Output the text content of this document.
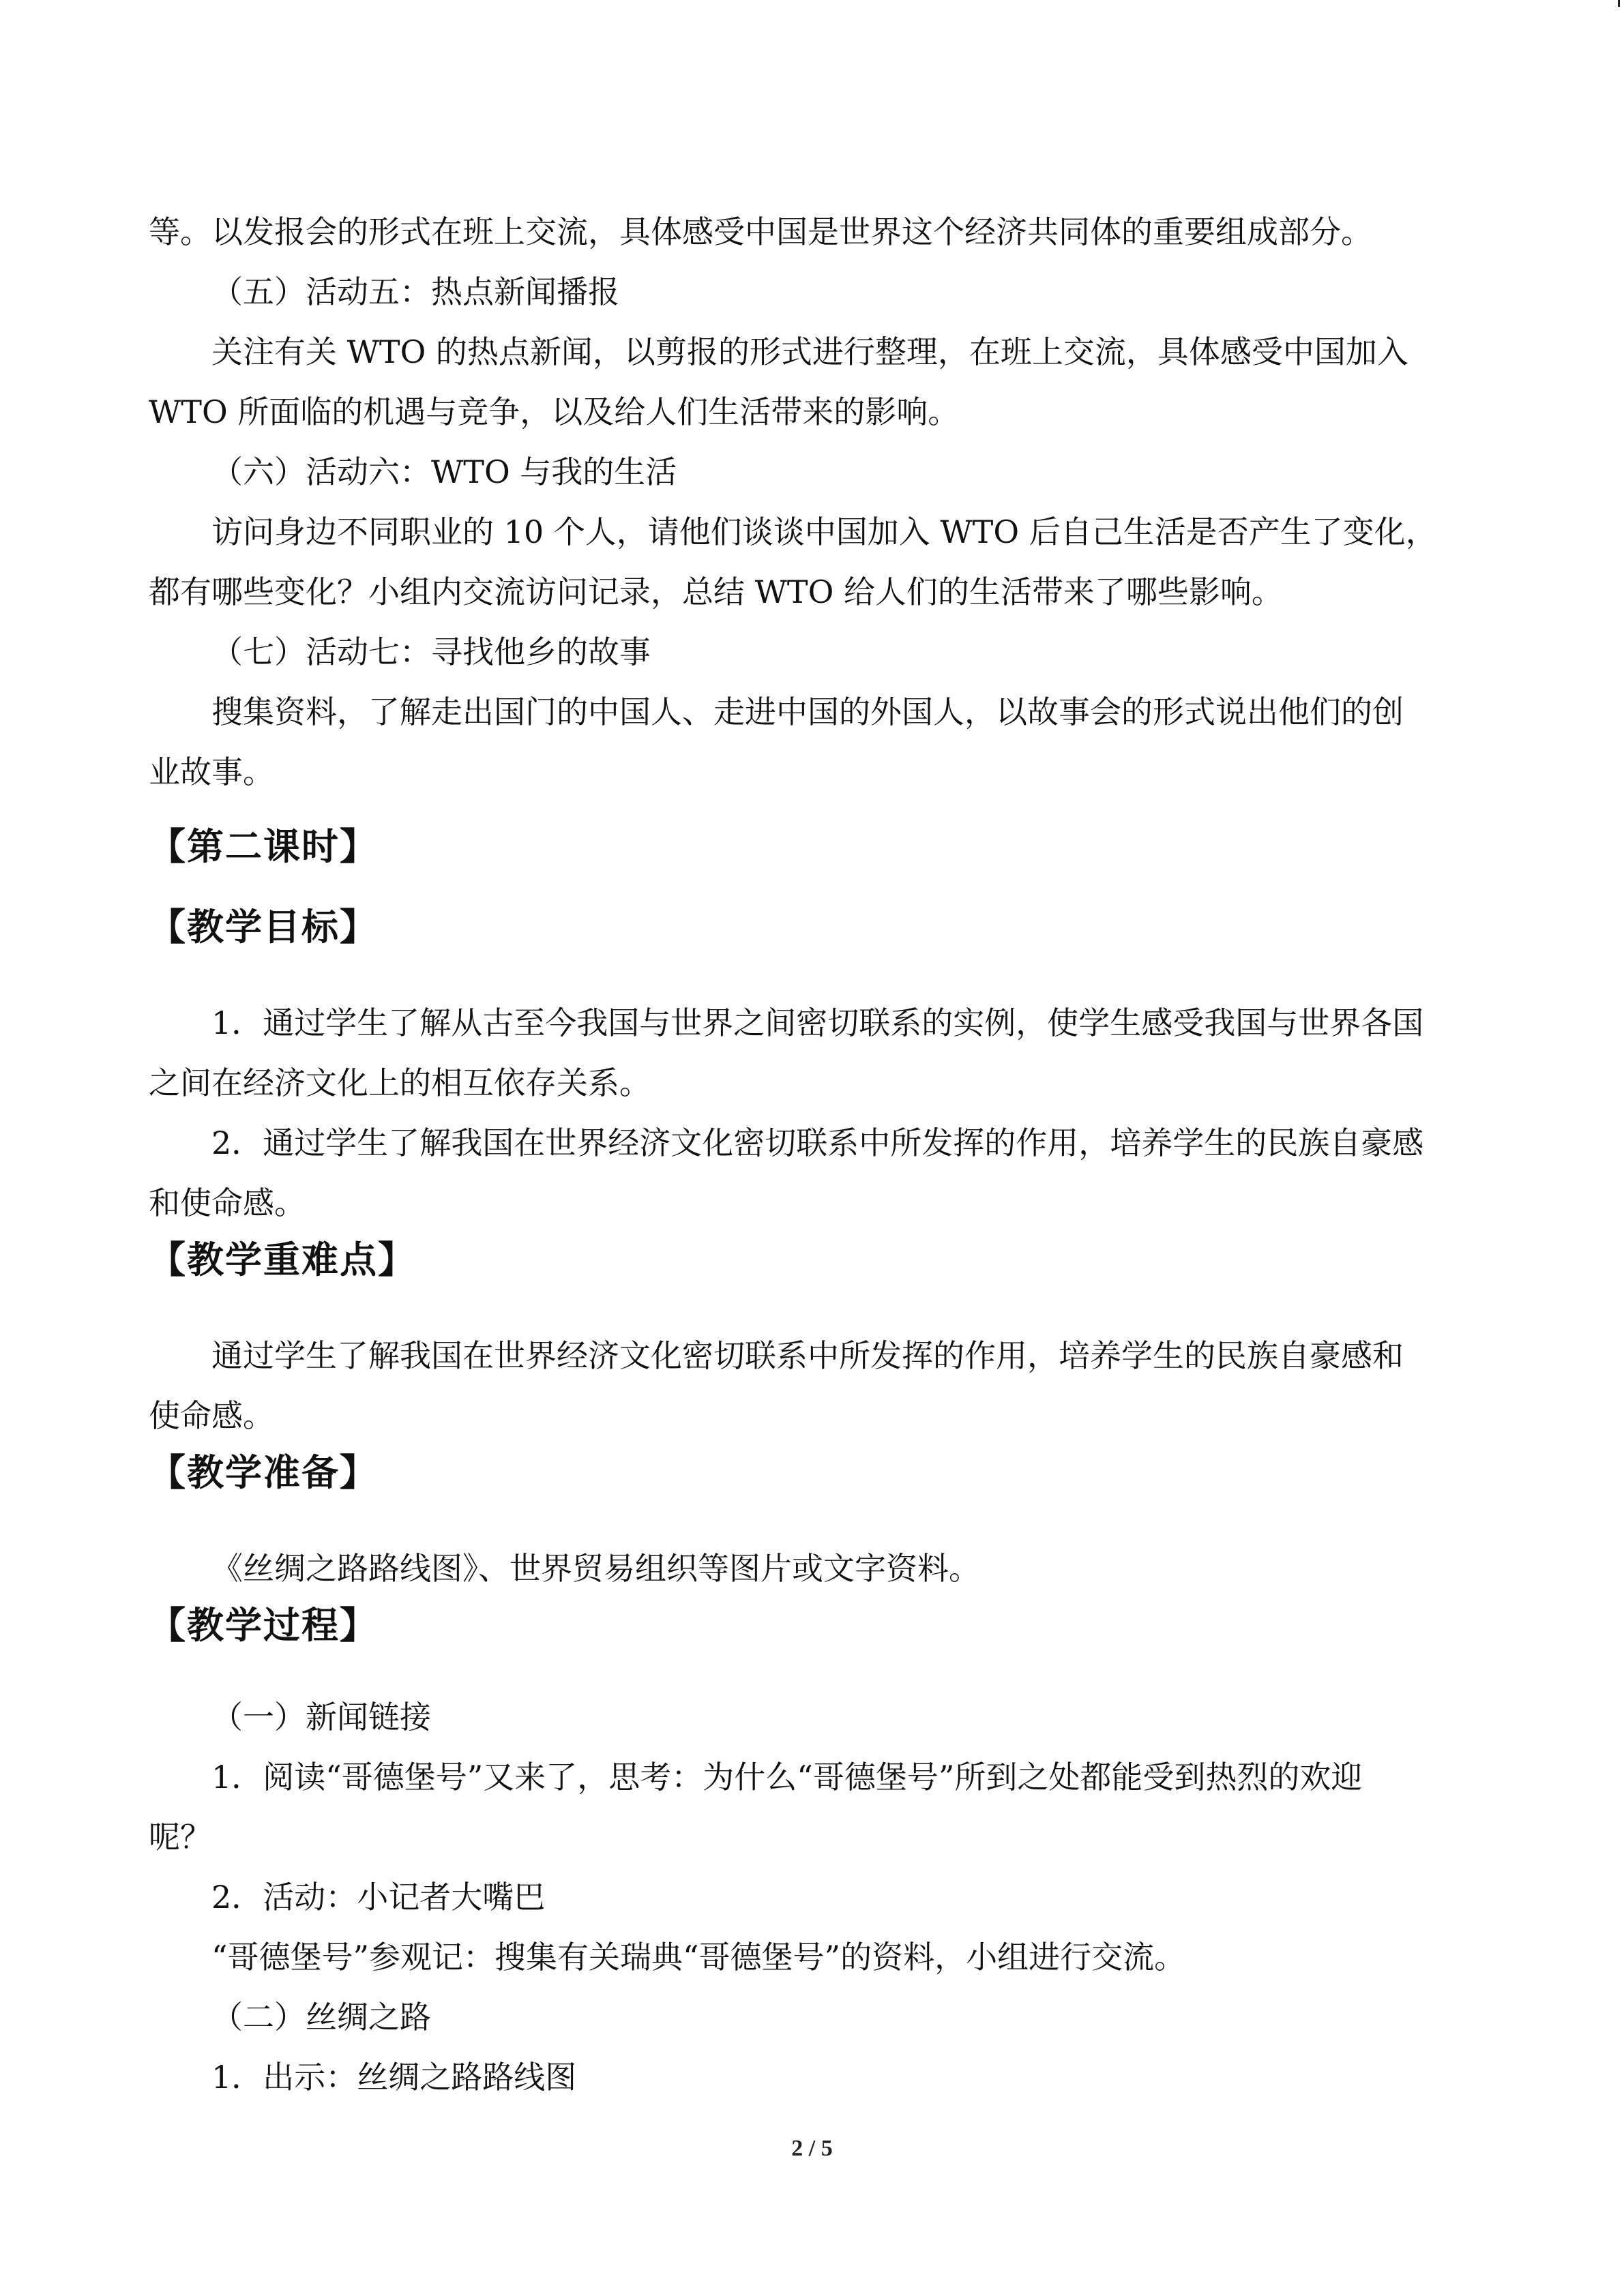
等。以发报会的形式在班上交流，具体感受中国是世界这个经济共同体的重要组成部分。

（五）活动五：热点新闻播报

关注有关 WTO 的热点新闻，以剪报的形式进行整理，在班上交流，具体感受中国加入

WTO 所面临的机遇与竞争，以及给人们生活带来的影响。

（六）活动六：WTO 与我的生活

访问身边不同职业的 10 个人，请他们谈谈中国加入 WTO 后自己生活是否产生了变化，

都有哪些变化？小组内交流访问记录，总结 WTO 给人们的生活带来了哪些影响。

（七）活动七：寻找他乡的故事

搜集资料，了解走出国门的中国人、走进中国的外国人，以故事会的形式说出他们的创

业故事。

【第二课时】
【教学目标】

1．通过学生了解从古至今我国与世界之间密切联系的实例，使学生感受我国与世界各国

之间在经济文化上的相互依存关系。

2．通过学生了解我国在世界经济文化密切联系中所发挥的作用，培养学生的民族自豪感

和使命感。

【教学重难点】

通过学生了解我国在世界经济文化密切联系中所发挥的作用，培养学生的民族自豪感和

使命感。

【教学准备】

《丝绸之路路线图》、世界贸易组织等图片或文字资料。

【教学过程】

（一）新闻链接

1．阅读“哥德堡号”又来了，思考：为什么“哥德堡号”所到之处都能受到热烈的欢迎

呢？

2．活动：小记者大嘴巴

“哥德堡号”参观记：搜集有关瑞典“哥德堡号”的资料，小组进行交流。

（二）丝绸之路

1．出示：丝绸之路路线图

2 / 5
